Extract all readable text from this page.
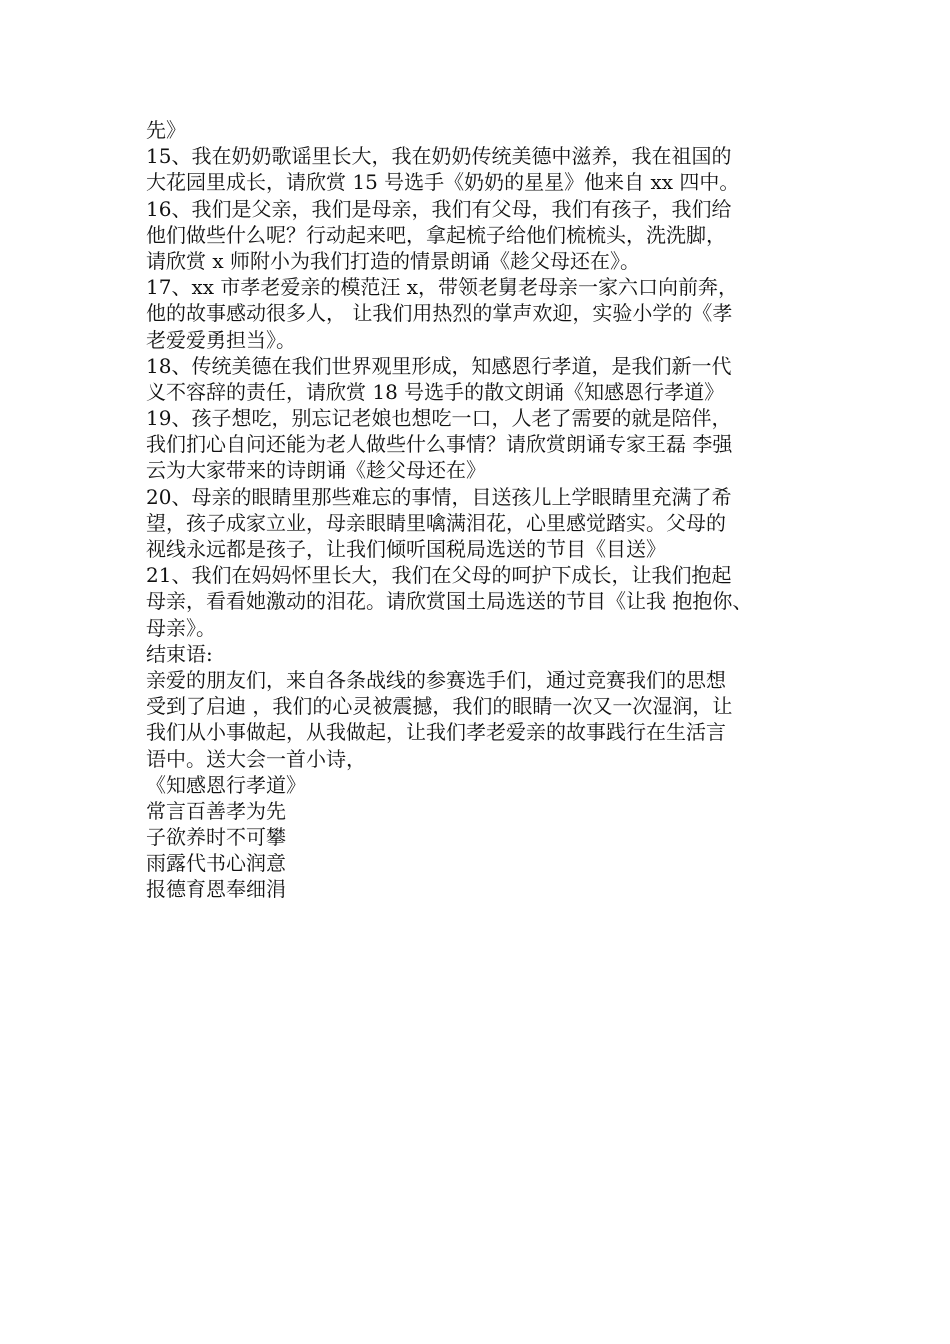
先》
15、我在奶奶歌谣里长大，我在奶奶传统美德中滋养，我在祖国的
大花园里成长，请欣赏 15 号选手《奶奶的星星》他来自 xx 四中。
16、我们是父亲，我们是母亲，我们有父母，我们有孩子，我们给
他们做些什么呢？行动起来吧，拿起梳子给他们梳梳头，洗洗脚，
请欣赏 x 师附小为我们打造的情景朗诵《趁父母还在》。
17、xx 市孝老爱亲的模范汪 x，带领老舅老母亲一家六口向前奔，
他的故事感动很多人， 让我们用热烈的掌声欢迎，实验小学的《孝
老爱爱勇担当》。
18、传统美德在我们世界观里形成，知感恩行孝道，是我们新一代
义不容辞的责任，请欣赏 18 号选手的散文朗诵《知感恩行孝道》
19、孩子想吃，别忘记老娘也想吃一口，人老了需要的就是陪伴，
我们扪心自问还能为老人做些什么事情？请欣赏朗诵专家王磊 李强
云为大家带来的诗朗诵《趁父母还在》
20、母亲的眼睛里那些难忘的事情，目送孩儿上学眼睛里充满了希
望，孩子成家立业，母亲眼睛里噙满泪花，心里感觉踏实。父母的
视线永远都是孩子，让我们倾听国税局选送的节目《目送》
21、我们在妈妈怀里长大，我们在父母的呵护下成长，让我们抱起
母亲，看看她激动的泪花。请欣赏国土局选送的节目《让我 抱抱你、
母亲》。
结束语:
亲爱的朋友们，来自各条战线的参赛选手们，通过竞赛我们的思想
受到了启迪 ，我们的心灵被震撼，我们的眼睛一次又一次湿润，让
我们从小事做起，从我做起，让我们孝老爱亲的故事践行在生活言
语中。送大会一首小诗，
《知感恩行孝道》
常言百善孝为先
子欲养时不可攀
雨露代书心润意
报德育恩奉细涓
